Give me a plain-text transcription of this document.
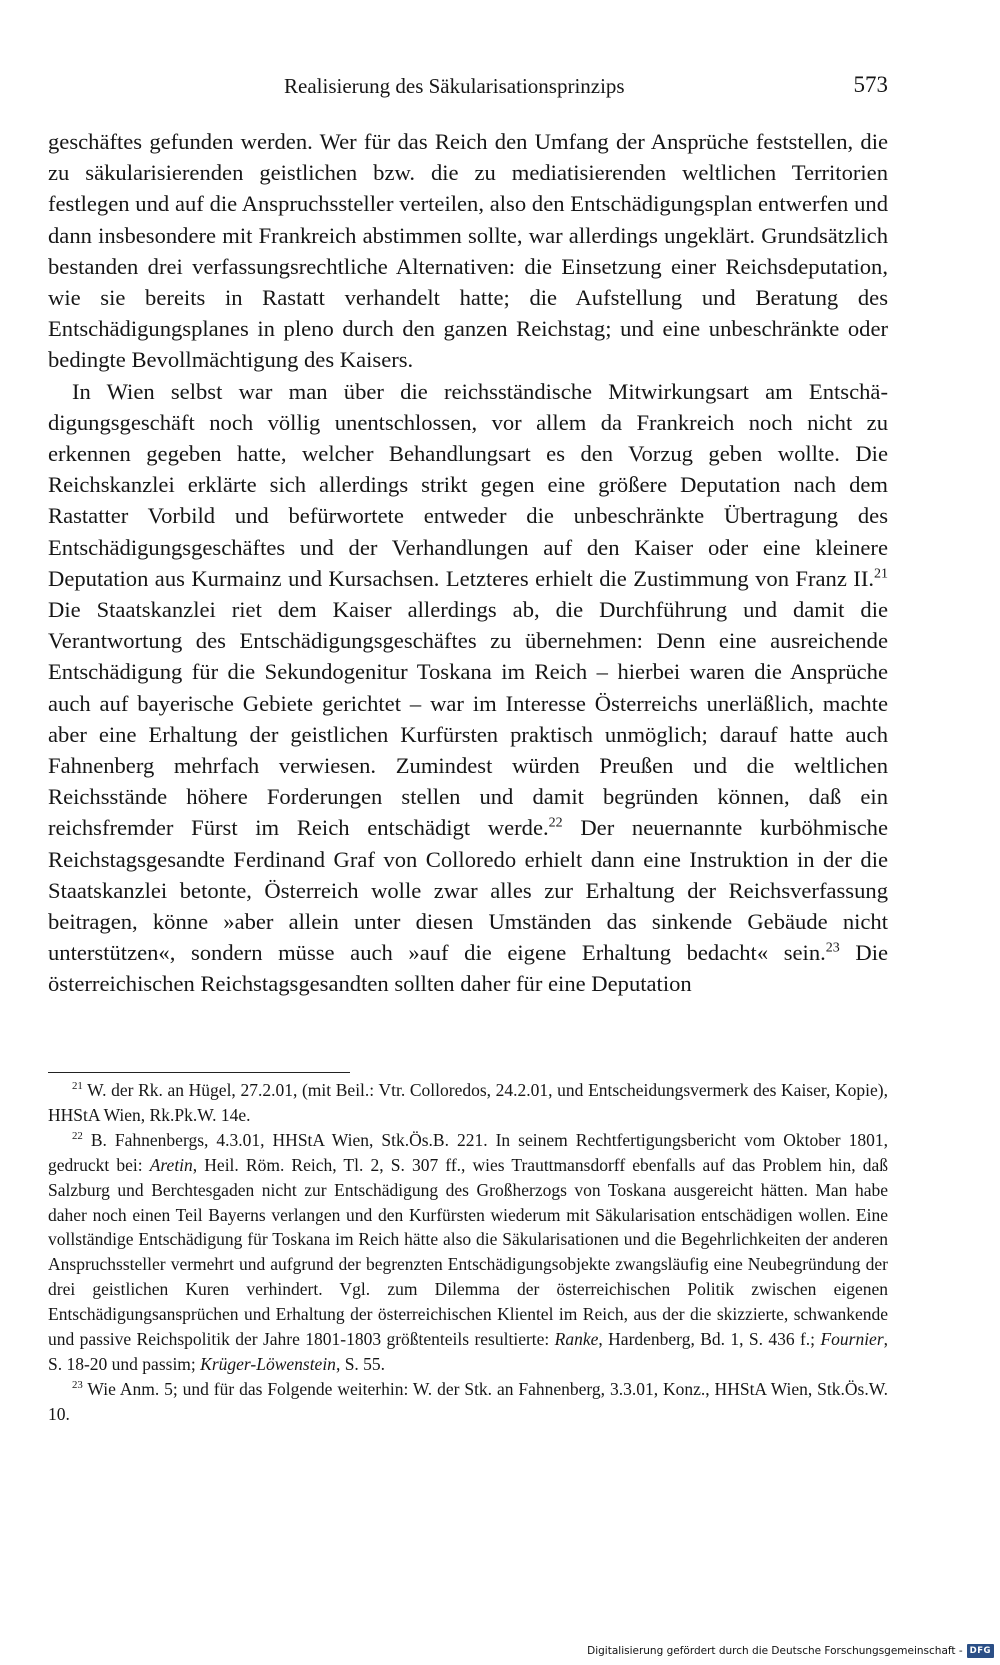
Realisierung des Säkularisationsprinzips	573

geschäftes gefunden werden. Wer für das Reich den Umfang der Ansprüche feststellen, die zu säkularisierenden geistlichen bzw. die zu mediatisierenden weltlichen Territorien festlegen und auf die Anspruchssteller verteilen, also den Entschädigungsplan entwerfen und dann insbesondere mit Frankreich abstimmen sollte, war allerdings ungeklärt. Grundsätzlich bestanden drei verfassungsrechtliche Alternativen: die Einsetzung einer Reichsdeputation, wie sie bereits in Rastatt verhandelt hatte; die Aufstellung und Beratung des Entschädigungsplanes in pleno durch den ganzen Reichstag; und eine unbeschränkte oder bedingte Bevollmächtigung des Kaisers.

In Wien selbst war man über die reichsständische Mitwirkungsart am Entschädigungsgeschäft noch völlig unentschlossen, vor allem da Frankreich noch nicht zu erkennen gegeben hatte, welcher Behandlungsart es den Vorzug geben wollte. Die Reichskanzlei erklärte sich allerdings strikt gegen eine größere Deputation nach dem Rastatter Vorbild und befürwortete entweder die unbeschränkte Übertragung des Entschädigungsgeschäftes und der Verhandlungen auf den Kaiser oder eine kleinere Deputation aus Kurmainz und Kursachsen. Letzteres erhielt die Zustimmung von Franz II.$^{21}$ Die Staatskanzlei riet dem Kaiser allerdings ab, die Durchführung und damit die Verantwortung des Entschädigungsgeschäftes zu übernehmen: Denn eine ausreichende Entschädigung für die Sekundogenitur Toskana im Reich – hierbei waren die Ansprüche auch auf bayerische Gebiete gerichtet – war im Interesse Österreichs unerläßlich, machte aber eine Erhaltung der geistlichen Kurfürsten praktisch unmöglich; darauf hatte auch Fahnenberg mehrfach verwiesen. Zumindest würden Preußen und die weltlichen Reichsstände höhere Forderungen stellen und damit begründen können, daß ein reichsfremder Fürst im Reich entschädigt werde.$^{22}$ Der neuernannte kurböhmische Reichstagsgesandte Ferdinand Graf von Colloredo erhielt dann eine Instruktion in der die Staatskanzlei betonte, Österreich wolle zwar alles zur Erhaltung der Reichsverfassung beitragen, könne »aber allein unter diesen Umständen das sinkende Gebäude nicht unterstützen«, sondern müsse auch »auf die eigene Erhaltung bedacht« sein.$^{23}$ Die österreichischen Reichstagsgesandten sollten daher für eine Deputation

$^{21}$ W. der Rk. an Hügel, 27.2.01, (mit Beil.: Vtr. Colloredos, 24.2.01, und Entscheidungsvermerk des Kaiser, Kopie), HHStA Wien, Rk.Pk.W. 14e.

$^{22}$ B. Fahnenbergs, 4.3.01, HHStA Wien, Stk.Ös.B. 221. In seinem Rechtfertigungsbericht vom Oktober 1801, gedruckt bei: Aretin, Heil. Röm. Reich, Tl. 2, S. 307 ff., wies Trauttmansdorff ebenfalls auf das Problem hin, daß Salzburg und Berchtesgaden nicht zur Entschädigung des Großherzogs von Toskana ausgereicht hätten. Man habe daher noch einen Teil Bayerns verlangen und den Kurfürsten wiederum mit Säkularisation entschädigen wollen. Eine vollständige Entschädigung für Toskana im Reich hätte also die Säkularisationen und die Begehrlichkeiten der anderen Anspruchssteller vermehrt und aufgrund der begrenzten Entschädigungsobjekte zwangsläufig eine Neubegründung der drei geistlichen Kuren verhindert. Vgl. zum Dilemma der österreichischen Politik zwischen eigenen Entschädigungsansprüchen und Erhaltung der österreichischen Klientel im Reich, aus der die skizzierte, schwankende und passive Reichspolitik der Jahre 1801-1803 größtenteils resultierte: Ranke, Hardenberg, Bd. 1, S. 436 f.; Fournier, S. 18-20 und passim; Krüger-Löwenstein, S. 55.

$^{23}$ Wie Anm. 5; und für das Folgende weiterhin: W. der Stk. an Fahnenberg, 3.3.01, Konz., HHStA Wien, Stk.Ös.W. 10.

Digitalisierung gefördert durch die Deutsche Forschungsgemeinschaft - DFG
